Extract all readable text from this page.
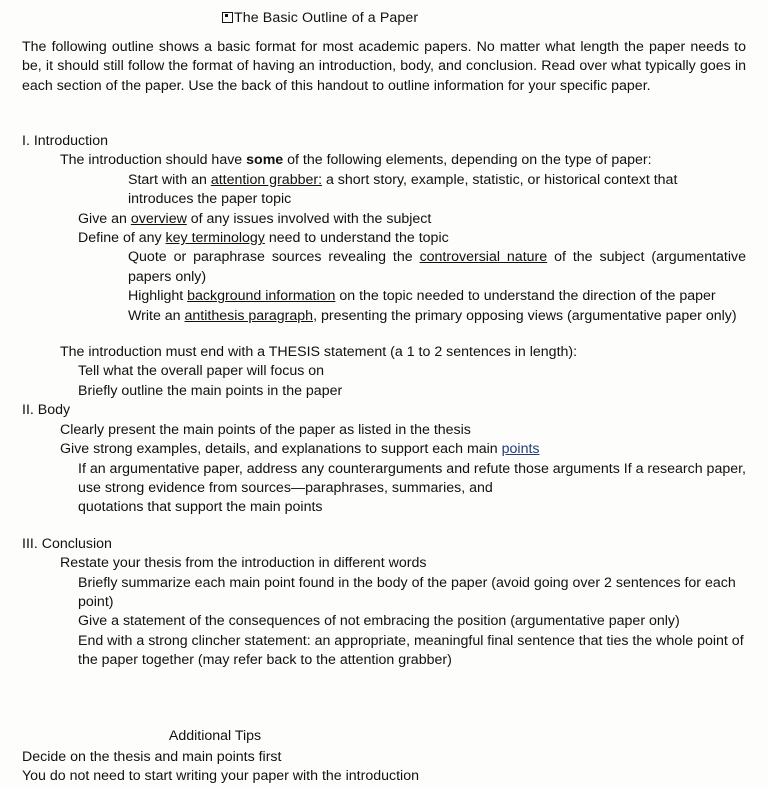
The Basic Outline of a Paper
The following outline shows a basic format for most academic papers. No matter what length the paper needs to be, it should still follow the format of having an introduction, body, and conclusion. Read over what typically goes in each section of the paper. Use the back of this handout to outline information for your specific paper.
I. Introduction
The introduction should have some of the following elements, depending on the type of paper:
Start with an attention grabber: a short story, example, statistic, or historical context that introduces the paper topic
Give an overview of any issues involved with the subject
Define of any key terminology need to understand the topic
Quote or paraphrase sources revealing the controversial nature of the subject (argumentative papers only)
Highlight background information on the topic needed to understand the direction of the paper
Write an antithesis paragraph, presenting the primary opposing views (argumentative paper only)
The introduction must end with a THESIS statement (a 1 to 2 sentences in length):
Tell what the overall paper will focus on
Briefly outline the main points in the paper
II. Body
Clearly present the main points of the paper as listed in the thesis
Give strong examples, details, and explanations to support each main points
If an argumentative paper, address any counterarguments and refute those arguments If a research paper, use strong evidence from sources—paraphrases, summaries, and
quotations that support the main points
III. Conclusion
Restate your thesis from the introduction in different words
Briefly summarize each main point found in the body of the paper (avoid going over 2 sentences for each point)
Give a statement of the consequences of not embracing the position (argumentative paper only)
End with a strong clincher statement: an appropriate, meaningful final sentence that ties the whole point of the paper together (may refer back to the attention grabber)
Additional Tips
Decide on the thesis and main points first
You do not need to start writing your paper with the introduction
